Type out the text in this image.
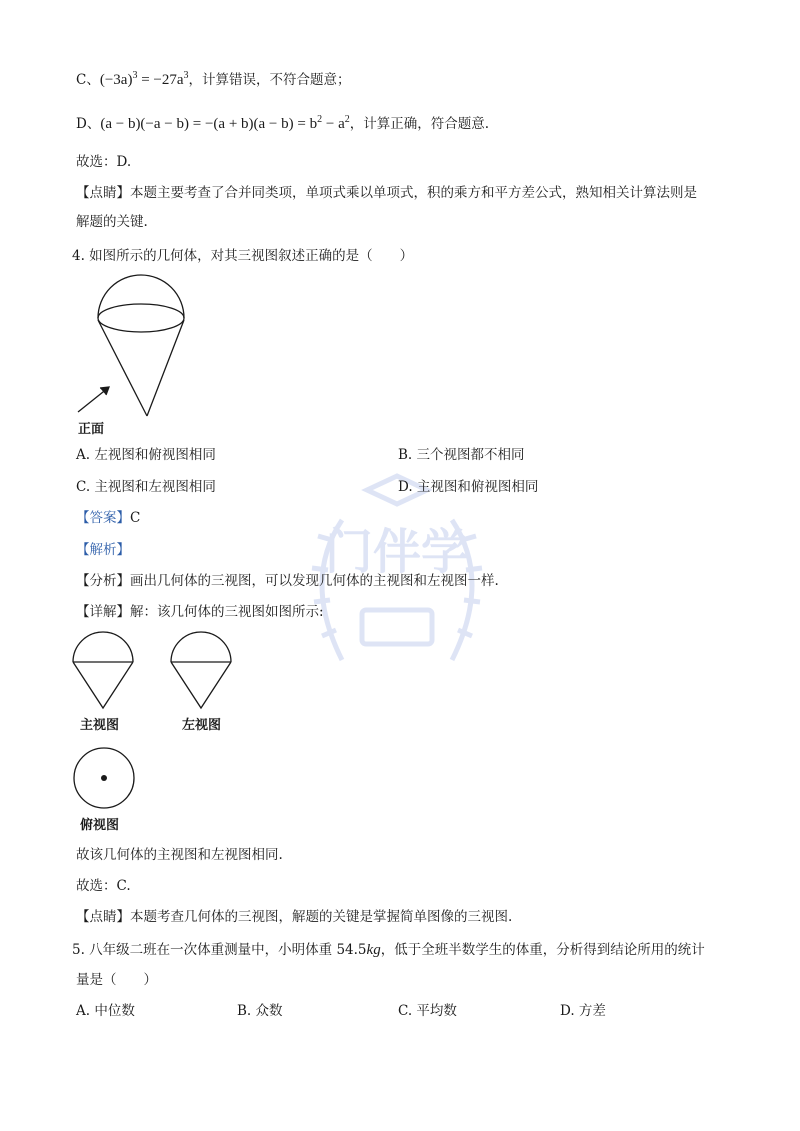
门伴学
C、$(-3a)^3 = -27a^3$，计算错误，不符合题意；
D、$(a - b)(-a - b) = -(a + b)(a - b) = b^2 - a^2$，计算正确，符合题意.
故选：D.
【点睛】本题主要考查了合并同类项，单项式乘以单项式，积的乘方和平方差公式，熟知相关计算法则是
解题的关键.
4. 如图所示的几何体，对其三视图叙述正确的是（　　）
正面
A. 左视图和俯视图相同	B. 三个视图都不相同
C. 主视图和左视图相同	D. 主视图和俯视图相同
【答案】C
【解析】
【分析】画出几何体的三视图，可以发现几何体的主视图和左视图一样.
【详解】解：该几何体的三视图如图所示:
主视图	左视图
俯视图
故该几何体的主视图和左视图相同.
故选：C.
【点睛】本题考查几何体的三视图，解题的关键是掌握简单图像的三视图.
5. 八年级二班在一次体重测量中，小明体重 54.5kg，低于全班半数学生的体重，分析得到结论所用的统计
量是（　　）
A. 中位数	B. 众数	C. 平均数	D. 方差
